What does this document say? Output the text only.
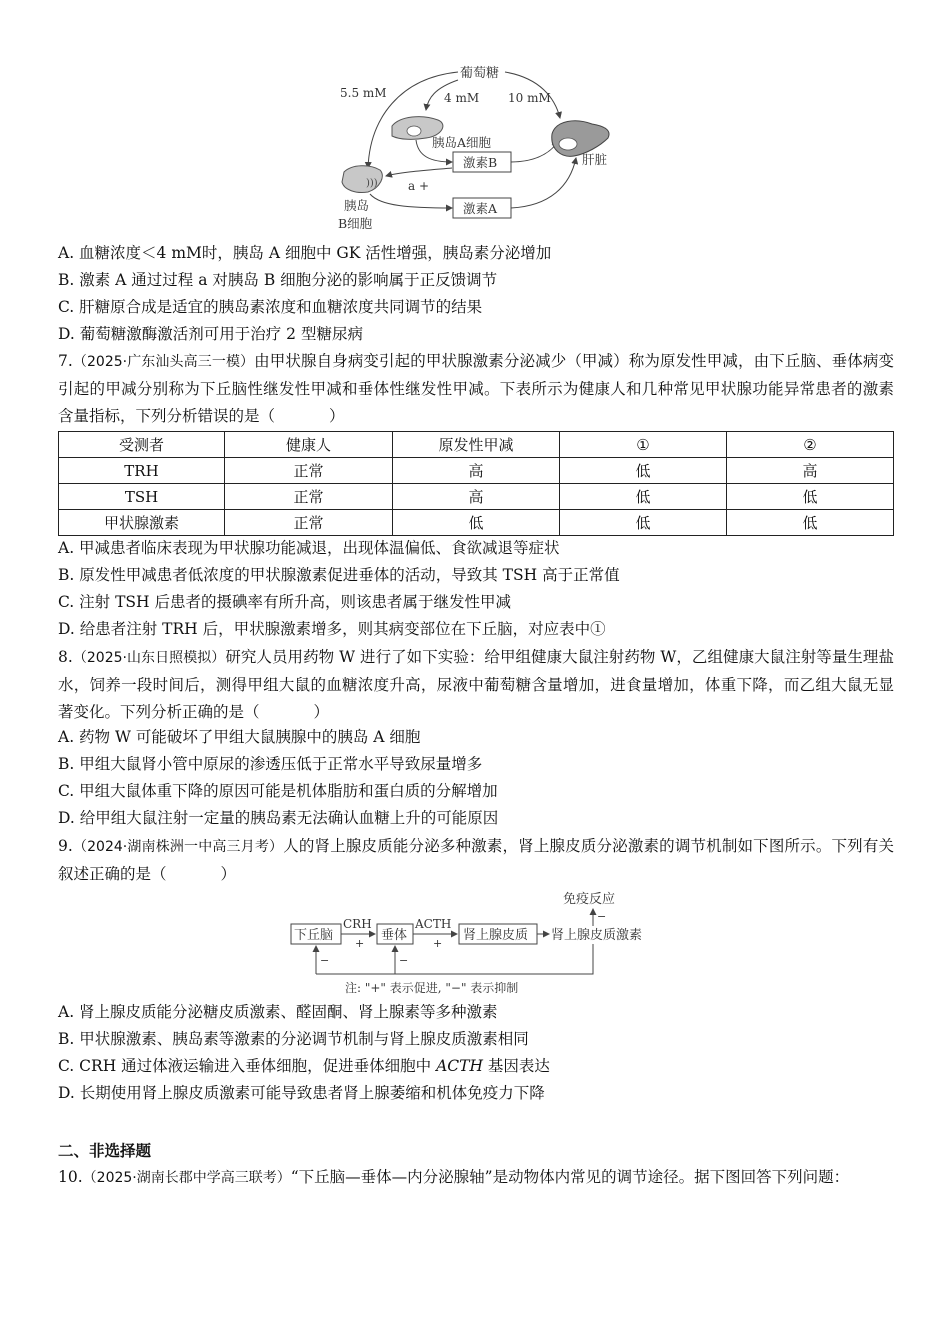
葡萄糖
5.5 mM	4 mM 10 mM
胰岛A细胞
激素B	肝脏
)))
胰岛
B细胞
a +
激素A
A. 血糖浓度＜4 mM时，胰岛 A 细胞中 GK 活性增强，胰岛素分泌增加
B. 激素 A 通过过程 a 对胰岛 B 细胞分泌的影响属于正反馈调节
C. 肝糖原合成是适宜的胰岛素浓度和血糖浓度共同调节的结果
D. 葡萄糖激酶激活剂可用于治疗 2 型糖尿病
7.（2025·广东汕头高三一模）由甲状腺自身病变引起的甲状腺激素分泌减少（甲减）称为原发性甲减，由下丘脑、垂体病变引起的甲减分别称为下丘脑性继发性甲减和垂体性继发性甲减。下表所示为健康人和几种常见甲状腺功能异常患者的激素含量指标，下列分析错误的是（	）
受测者	健康人	原发性甲减	①	②
TRH	正常	高	低	高
TSH	正常	高	低	低
甲状腺激素	正常	低	低	低
A. 甲减患者临床表现为甲状腺功能减退，出现体温偏低、食欲减退等症状
B. 原发性甲减患者低浓度的甲状腺激素促进垂体的活动，导致其 TSH 高于正常值
C. 注射 TSH 后患者的摄碘率有所升高，则该患者属于继发性甲减
D. 给患者注射 TRH 后，甲状腺激素增多，则其病变部位在下丘脑，对应表中①
8.（2025·山东日照模拟）研究人员用药物 W 进行了如下实验：给甲组健康大鼠注射药物 W，乙组健康大鼠注射等量生理盐水，饲养一段时间后，测得甲组大鼠的血糖浓度升高，尿液中葡萄糖含量增加，进食量增加，体重下降，而乙组大鼠无显著变化。下列分析正确的是（	）
A. 药物 W 可能破坏了甲组大鼠胰腺中的胰岛 A 细胞
B. 甲组大鼠肾小管中原尿的渗透压低于正常水平导致尿量增多
C. 甲组大鼠体重下降的原因可能是机体脂肪和蛋白质的分解增加
D. 给甲组大鼠注射一定量的胰岛素无法确认血糖上升的可能原因
9.（2024·湖南株洲一中高三月考）人的肾上腺皮质能分泌多种激素，肾上腺皮质分泌激素的调节机制如下图所示。下列有关叙述正确的是（	）
免疫反应
−
下丘脑
CRH
+
垂体
ACTH
+
肾上腺皮质 肾上腺皮质激素
−	−
注: "+" 表示促进, "−" 表示抑制
A. 肾上腺皮质能分泌糖皮质激素、醛固酮、肾上腺素等多种激素
B. 甲状腺激素、胰岛素等激素的分泌调节机制与肾上腺皮质激素相同
C. CRH 通过体液运输进入垂体细胞，促进垂体细胞中 ACTH 基因表达
D. 长期使用肾上腺皮质激素可能导致患者肾上腺萎缩和机体免疫力下降
二、非选择题
10.（2025·湖南长郡中学高三联考）“下丘脑—垂体—内分泌腺轴”是动物体内常见的调节途径。据下图回答下列问题：
